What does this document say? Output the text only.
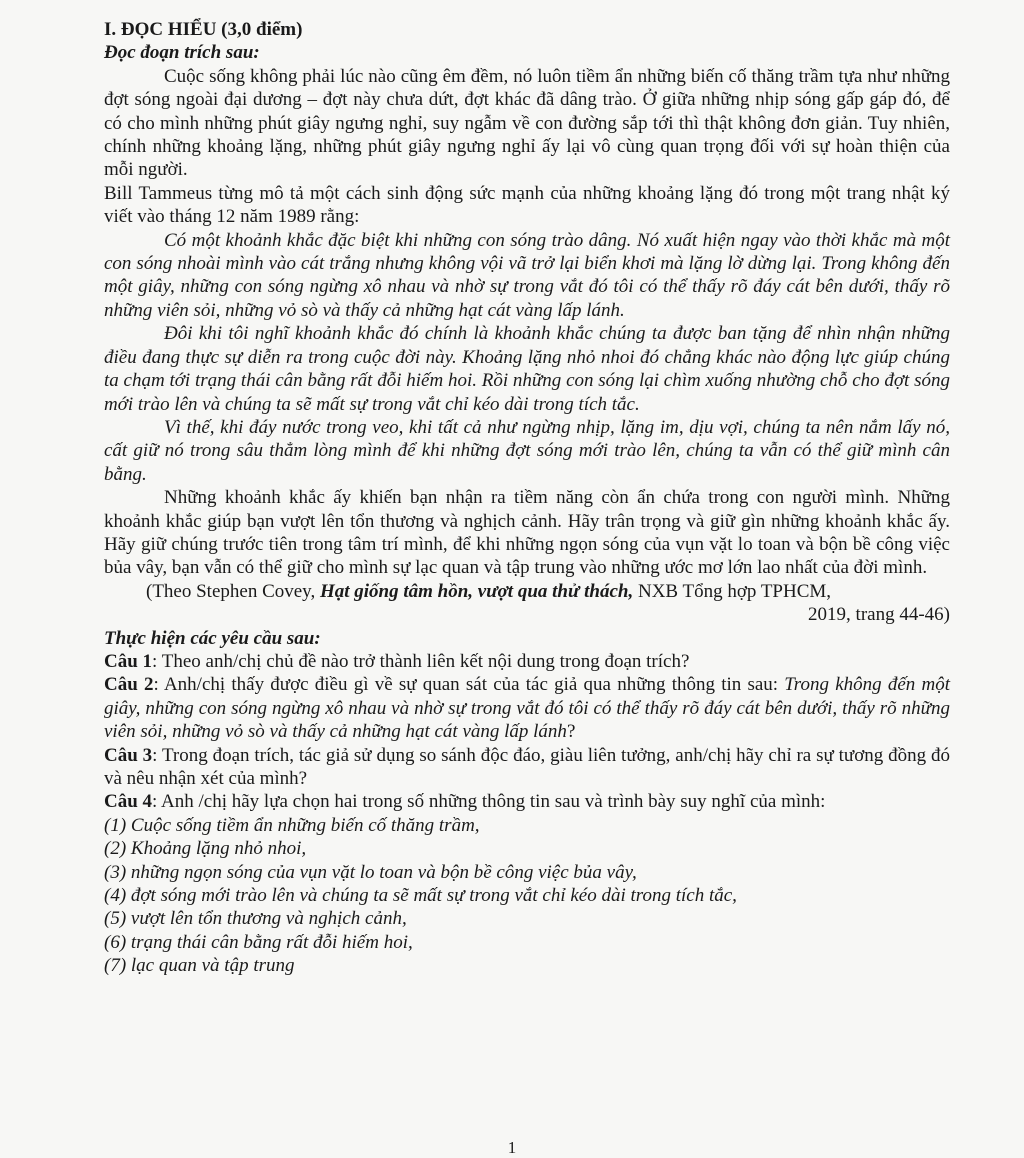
I. ĐỌC HIỂU (3,0 điểm)

Đọc đoạn trích sau:

Cuộc sống không phải lúc nào cũng êm đềm, nó luôn tiềm ẩn những biến cố thăng trầm tựa như những đợt sóng ngoài đại dương – đợt này chưa dứt, đợt khác đã dâng trào. Ở giữa những nhịp sóng gấp gáp đó, để có cho mình những phút giây ngưng nghỉ, suy ngẫm về con đường sắp tới thì thật không đơn giản. Tuy nhiên, chính những khoảng lặng, những phút giây ngưng nghỉ ấy lại vô cùng quan trọng đối với sự hoàn thiện của mỗi người.

Bill Tammeus từng mô tả một cách sinh động sức mạnh của những khoảng lặng đó trong một trang nhật ký viết vào tháng 12 năm 1989 rằng:

Có một khoảnh khắc đặc biệt khi những con sóng trào dâng. Nó xuất hiện ngay vào thời khắc mà một con sóng nhoài mình vào cát trắng nhưng không vội vã trở lại biển khơi mà lặng lờ dừng lại. Trong không đến một giây, những con sóng ngừng xô nhau và nhờ sự trong vắt đó tôi có thể thấy rõ đáy cát bên dưới, thấy rõ những viên sỏi, những vỏ sò và thấy cả những hạt cát vàng lấp lánh.

Đôi khi tôi nghĩ khoảnh khắc đó chính là khoảnh khắc chúng ta được ban tặng để nhìn nhận những điều đang thực sự diễn ra trong cuộc đời này. Khoảng lặng nhỏ nhoi đó chẳng khác nào động lực giúp chúng ta chạm tới trạng thái cân bằng rất đỗi hiếm hoi. Rồi những con sóng lại chìm xuống nhường chỗ cho đợt sóng mới trào lên và chúng ta sẽ mất sự trong vắt chỉ kéo dài trong tích tắc.

Vì thế, khi đáy nước trong veo, khi tất cả như ngừng nhịp, lặng im, dịu vợi, chúng ta nên nắm lấy nó, cất giữ nó trong sâu thẳm lòng mình để khi những đợt sóng mới trào lên, chúng ta vẫn có thể giữ mình cân bằng.

Những khoảnh khắc ấy khiến bạn nhận ra tiềm năng còn ẩn chứa trong con người mình. Những khoảnh khắc giúp bạn vượt lên tổn thương và nghịch cảnh. Hãy trân trọng và giữ gìn những khoảnh khắc ấy. Hãy giữ chúng trước tiên trong tâm trí mình, để khi những ngọn sóng của vụn vặt lo toan và bộn bề công việc bủa vây, bạn vẫn có thể giữ cho mình sự lạc quan và tập trung vào những ước mơ lớn lao nhất của đời mình.

(Theo Stephen Covey, Hạt giống tâm hồn, vượt qua thử thách, NXB Tổng hợp TPHCM,

2019, trang 44-46)

Thực hiện các yêu cầu sau:

Câu 1: Theo anh/chị chủ đề nào trở thành liên kết nội dung trong đoạn trích?

Câu 2: Anh/chị thấy được điều gì về sự quan sát của tác giả qua những thông tin sau: Trong không đến một giây, những con sóng ngừng xô nhau và nhờ sự trong vắt đó tôi có thể thấy rõ đáy cát bên dưới, thấy rõ những viên sỏi, những vỏ sò và thấy cả những hạt cát vàng lấp lánh?

Câu 3: Trong đoạn trích, tác giả sử dụng so sánh độc đáo, giàu liên tưởng, anh/chị hãy chỉ ra sự tương đồng đó và nêu nhận xét của mình?

Câu 4: Anh /chị hãy lựa chọn hai trong số những thông tin sau và trình bày suy nghĩ của mình:

(1) Cuộc sống tiềm ẩn những biến cố thăng trầm,

(2) Khoảng lặng nhỏ nhoi,

(3) những ngọn sóng của vụn vặt lo toan và bộn bề công việc bủa vây,

(4) đợt sóng mới trào lên và chúng ta sẽ mất sự trong vắt chỉ kéo dài trong tích tắc,

(5) vượt lên tổn thương và nghịch cảnh,

(6) trạng thái cân bằng rất đỗi hiếm hoi,

(7) lạc quan và tập trung

1
